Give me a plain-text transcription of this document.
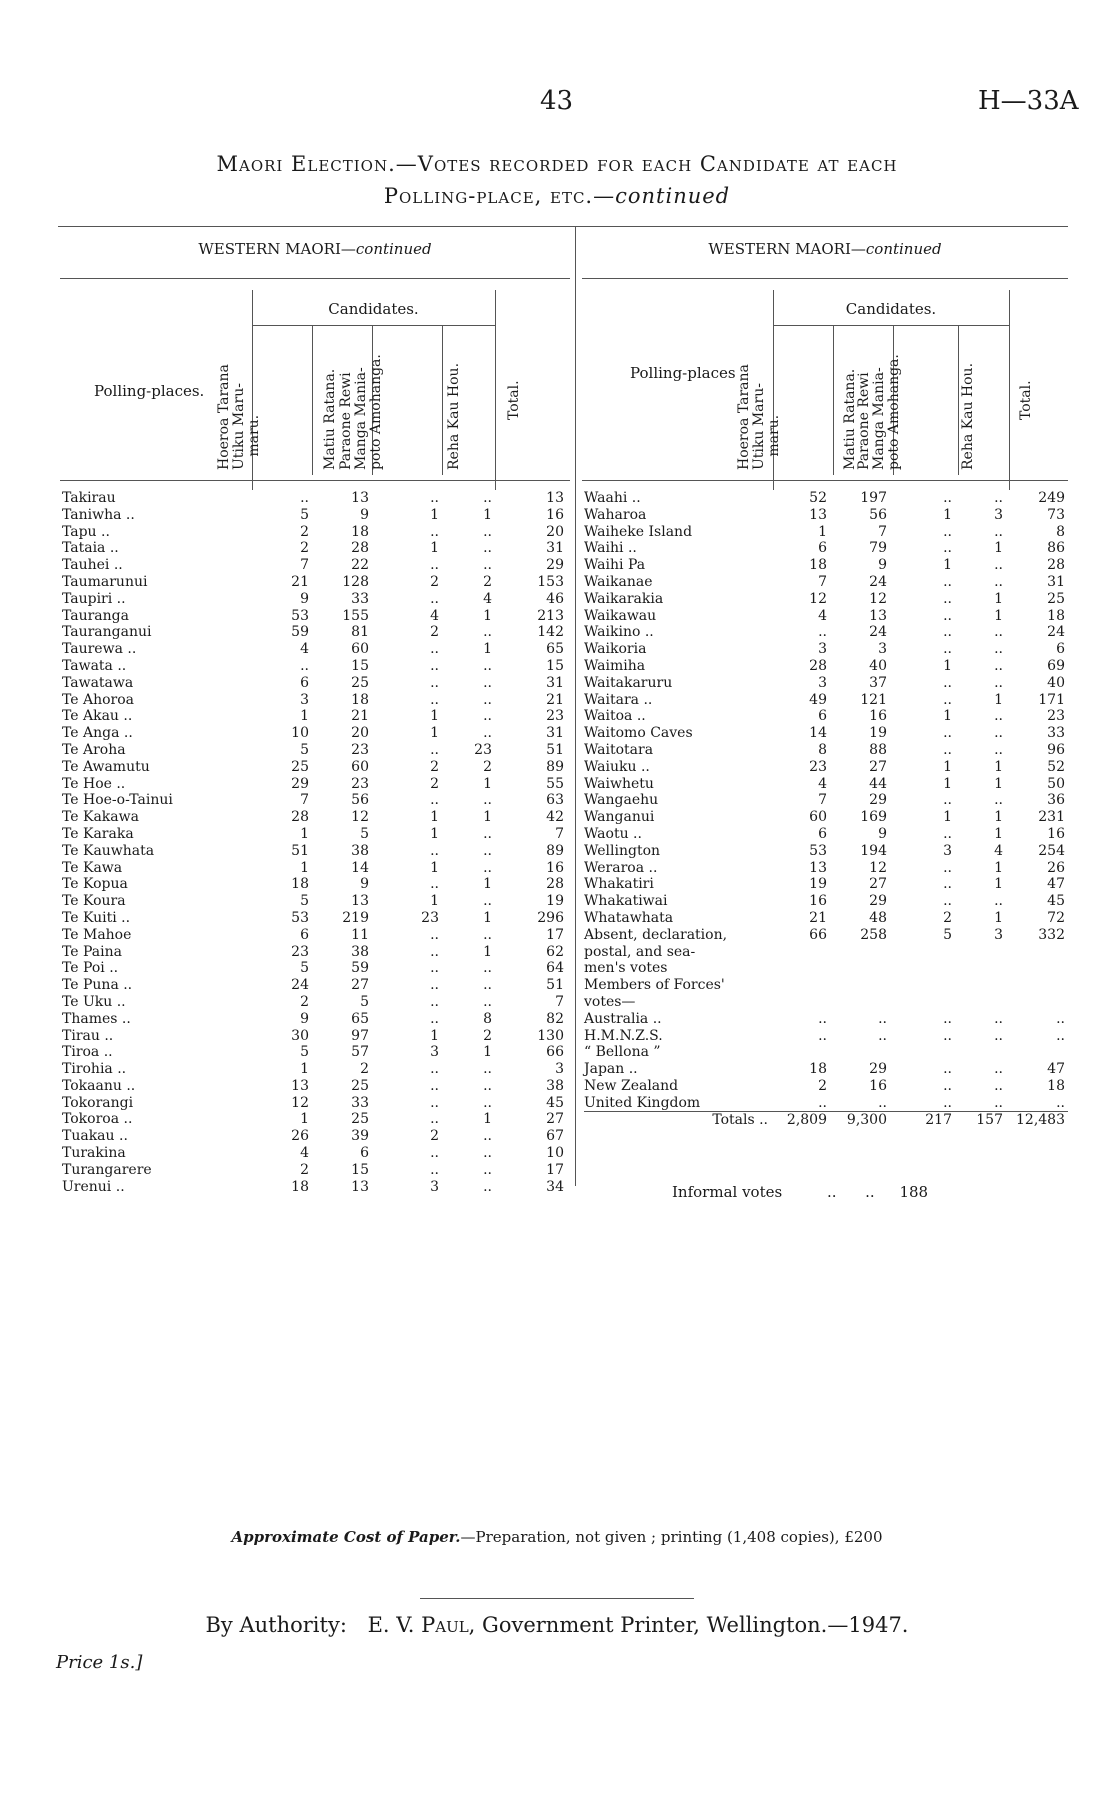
43	H—33A
Maori Election.—Votes recorded for each Candidate at each
Polling-place, etc.—continued
WESTERN MAORI—continued
Candidates.
Polling-places. Hoeroa Tarana
Utiku Maru-
maru.	Matiu Ratana. Paraone Rewi
Manga Mania-
poto Amohanga.	Reha Kau Hou.	Total.
Takirau		..	13	..	..	13
Taniwha ..		5	9	1	1	16
Tapu ..		2	18	..	..	20
Tataia ..		2	28	1	..	31
Tauhei ..		7	22	..	..	29
Taumarunui		21	128	2	2	153
Taupiri ..		9	33	..	4	46
Tauranga		53	155	4	1	213
Tauranganui		59	81	2	..	142
Taurewa ..		4	60	..	1	65
Tawata ..		..	15	..	..	15
Tawatawa		6	25	..	..	31
Te Ahoroa		3	18	..	..	21
Te Akau ..		1	21	1	..	23
Te Anga ..		10	20	1	..	31
Te Aroha		5	23	..	23	51
Te Awamutu		25	60	2	2	89
Te Hoe ..		29	23	2	1	55
Te Hoe-o-Tainui		7	56	..	..	63
Te Kakawa		28	12	1	1	42
Te Karaka		1	5	1	..	7
Te Kauwhata		51	38	..	..	89
Te Kawa		1	14	1	..	16
Te Kopua		18	9	..	1	28
Te Koura		5	13	1	..	19
Te Kuiti ..		53	219	23	1	296
Te Mahoe		6	11	..	..	17
Te Paina		23	38	..	1	62
Te Poi ..		5	59	..	..	64
Te Puna ..		24	27	..	..	51
Te Uku ..		2	5	..	..	7
Thames ..		9	65	..	8	82
Tirau ..		30	97	1	2	130
Tiroa ..		5	57	3	1	66
Tirohia ..		1	2	..	..	3
Tokaanu ..		13	25	..	..	38
Tokorangi		12	33	..	..	45
Tokoroa ..		1	25	..	1	27
Tuakau ..		26	39	2	..	67
Turakina		4	6	..	..	10
Turangarere		2	15	..	..	17
Urenui ..		18	13	3	..	34
WESTERN MAORI—continued
Candidates.
Polling-places Hoeroa Tarana
Utiku Maru-
maru.	Matiu Ratana.
Paraone Rewi
Manga Mania-
poto Amohanga.	Reha Kau Hou.	Total.
Waahi ..		52	197	..	..	249
Waharoa		13	56	1	3	73
Waiheke Island		1	7	..	..	8
Waihi ..		6	79	..	1	86
Waihi Pa		18	9	1	..	28
Waikanae		7	24	..	..	31
Waikarakia		12	12	..	1	25
Waikawau		4	13	..	1	18
Waikino ..		..	24	..	..	24
Waikoria		3	3	..	..	6
Waimiha		28	40	1	..	69
Waitakaruru		3	37	..	..	40
Waitara ..		49	121	..	1	171
Waitoa ..		6	16	1	..	23
Waitomo Caves		14	19	..	..	33
Waitotara		8	88	..	..	96
Waiuku ..		23	27	1	1	52
Waiwhetu		4	44	1	1	50
Wangaehu		7	29	..	..	36
Wanganui		60	169	1	1	231
Waotu ..		6	9	..	1	16
Wellington		53	194	3	4	254
Weraroa ..		13	12	..	1	26
Whakatiri		19	27	..	1	47
Whakatiwai		16	29	..	..	45
Whatawhata		21	48	2	1	72
Absent, declaration,		66	258	5	3	332
postal, and sea-						
men's votes						
Members of Forces'						
votes—						
Australia ..		..	..	..	..	..
H.M.N.Z.S.		..	..	..	..	..
“ Bellona ”						
Japan ..		18	29	..	..	47
New Zealand		2	16	..	..	18
United Kingdom		..	..	..	..	..
Totals ..		2,809	9,300	217	157	12,483
Informal votes	..      .. 188
Approximate Cost of Paper.—Preparation, not given ; printing (1,408 copies), £200
By Authority: E. V. Paul, Government Printer, Wellington.—1947.
Price 1s.]
